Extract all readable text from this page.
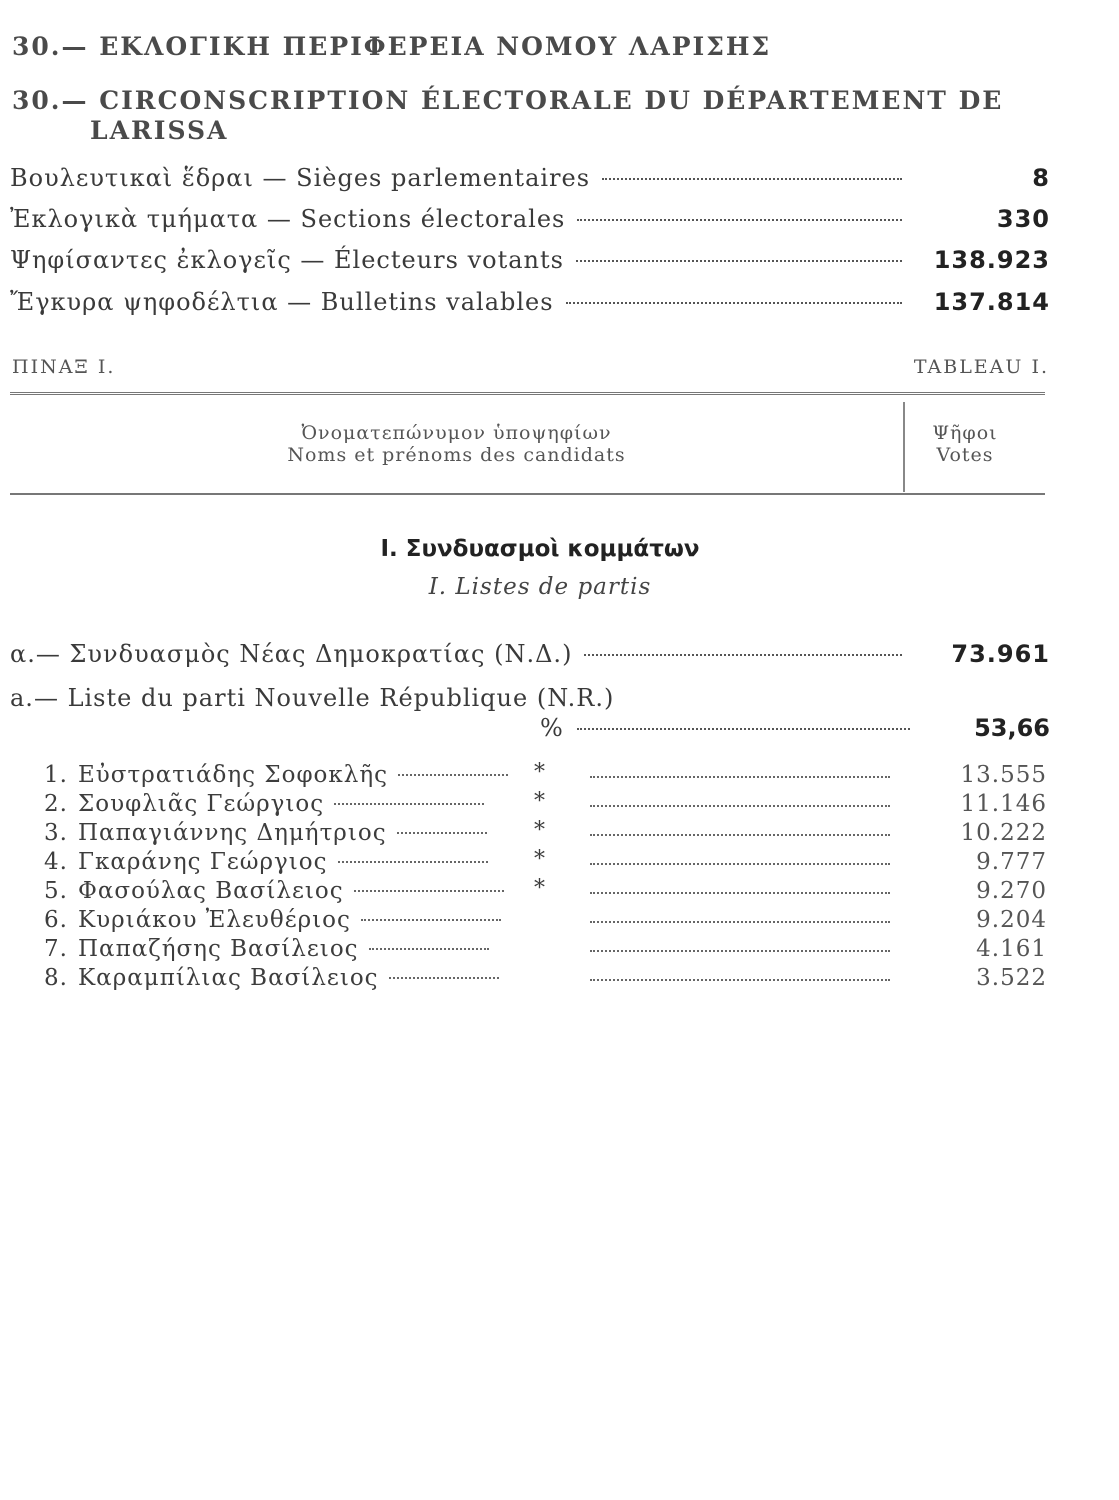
30.— ΕΚΛΟΓΙΚΗ ΠΕΡΙΦΕΡΕΙΑ ΝΟΜΟΥ ΛΑΡΙΣΗΣ
30.— CIRCONSCRIPTION ÉLECTORALE DU DÉPARTEMENT DE
LARISSA
Βουλευτικαὶ ἕδραι — Sièges parlementaires	8
Ἐκλογικὰ τμήματα — Sections électorales	330
Ψηφίσαντες ἐκλογεῖς — Électeurs votants	138.923
Ἔγκυρα ψηφοδέλτια — Bulletins valables	137.814
ΠΙΝΑΞ Ι.	TABLEAU I.
Ὀνοματεπώνυμον ὑποψηφίων
Noms et prénoms des candidats
Ψῆφοι
Votes
Ι. Συνδυασμοὶ κομμάτων
I. Listes de partis
α.— Συνδυασμὸς Νέας Δημοκρατίας (Ν.Δ.)	73.961
a.— Liste du parti Nouvelle République (N.R.)
%	53,66
1. Εὐστρατιάδης Σοφοκλῆς	*	13.555
2. Σουφλιᾶς Γεώργιος	*	11.146
3. Παπαγιάννης Δημήτριος	*	10.222
4. Γκαράνης Γεώργιος	*	9.777
5. Φασούλας Βασίλειος	*	9.270
6. Κυριάκου Ἐλευθέριος	9.204
7. Παπαζήσης Βασίλειος	4.161
8. Καραμπίλιας Βασίλειος	3.522
